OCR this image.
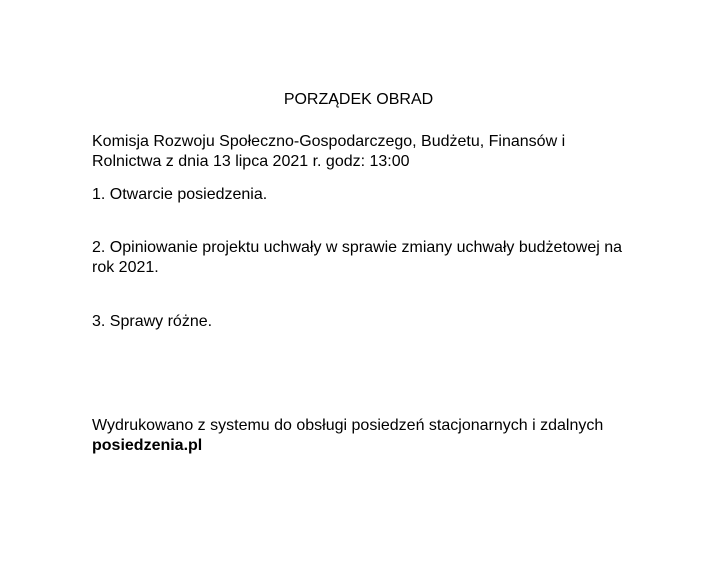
PORZĄDEK OBRAD
Komisja Rozwoju Społeczno-Gospodarczego, Budżetu, Finansów i
Rolnictwa z dnia 13 lipca 2021 r. godz: 13:00
1. Otwarcie posiedzenia.
2. Opiniowanie projektu uchwały w sprawie zmiany uchwały budżetowej na
rok 2021.
3. Sprawy różne.
Wydrukowano z systemu do obsługi posiedzeń stacjonarnych i zdalnych
posiedzenia.pl
